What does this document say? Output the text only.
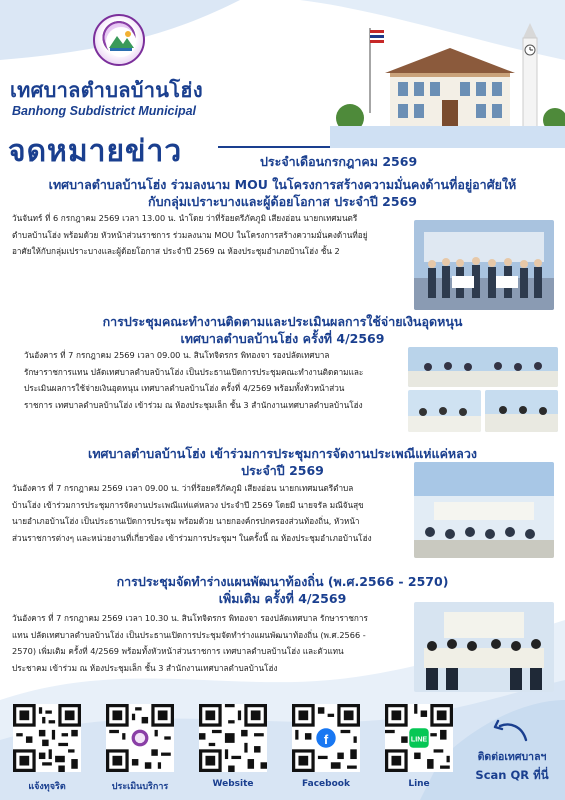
เทศบาลตำบลบ้านโฮ่ง
Banhong Subdistrict Municipal
จดหมายข่าว	ประจำเดือนกรกฎาคม 2569
เทศบาลตำบลบ้านโฮ่ง ร่วมลงนาม MOU ในโครงการสร้างความมั่นคงด้านที่อยู่อาศัยให้
กับกลุ่มเปราะบางและผู้ด้อยโอกาส ประจำปี 2569
วันจันทร์ ที่ 6 กรกฎาคม 2569 เวลา 13.00 น. นำโดย ว่าที่ร้อยตรีภัคภูมิ เสียงอ่อน นายกเทศมนตรี
ตำบลบ้านโฮ่ง พร้อมด้วย หัวหน้าส่วนราชการ ร่วมลงนาม MOU ในโครงการสร้างความมั่นคงด้านที่อยู่
อาศัยให้กับกลุ่มเปราะบางและผู้ด้อยโอกาส ประจำปี 2569 ณ ห้องประชุมอำเภอบ้านโฮ่ง ชั้น 2
การประชุมคณะทำงานติดตามและประเมินผลการใช้จ่ายเงินอุดหนุน
เทศบาลตำบลบ้านโฮ่ง ครั้งที่ 4/2569
วันอังคาร ที่ 7 กรกฎาคม 2569 เวลา 09.00 น. สินโทจิตรกร พิทองจา รองปลัดเทศบาล
รักษาราชการแทน ปลัดเทศบาลตำบลบ้านโฮ่ง เป็นประธานเปิดการประชุมคณะทำงานติดตามและ
ประเมินผลการใช้จ่ายเงินอุดหนุน เทศบาลตำบลบ้านโฮ่ง ครั้งที่ 4/2569 พร้อมทั้งหัวหน้าส่วน
ราชการ เทศบาลตำบลบ้านโฮ่ง เข้าร่วม ณ ห้องประชุมเล็ก ชั้น 3 สำนักงานเทศบาลตำบลบ้านโฮ่ง
เทศบาลตำบลบ้านโฮ่ง เข้าร่วมการประชุมการจัดงานประเพณีแห่แค่หลวง
ประจำปี 2569
วันอังคาร ที่ 7 กรกฎาคม 2569 เวลา 09.00 น. ว่าที่ร้อยตรีภัคภูมิ เสียงอ่อน นายกเทศมนตรีตำบล
บ้านโฮ่ง เข้าร่วมการประชุมการจัดงานประเพณีแห่แค่หลวง ประจำปี 2569 โดยมี นายจรัล มณีจันสุข
นายอำเภอบ้านโฮ่ง เป็นประธานเปิดการประชุม พร้อมด้วย นายกองค์กรปกครองส่วนท้องถิ่น, หัวหน้า
ส่วนราชการต่างๆ และหน่วยงานที่เกี่ยวข้อง เข้าร่วมการประชุมฯ ในครั้งนี้ ณ ห้องประชุมอำเภอบ้านโฮ่ง
การประชุมจัดทำร่างแผนพัฒนาท้องถิ่น (พ.ศ.2566 - 2570)
เพิ่มเติม ครั้งที่ 4/2569
วันอังคาร ที่ 7 กรกฎาคม 2569 เวลา 10.30 น. สินโทจิตรกร พิทองจา รองปลัดเทศบาล รักษาราชการ
แทน ปลัดเทศบาลตำบลบ้านโฮ่ง เป็นประธานเปิดการประชุมจัดทำร่างแผนพัฒนาท้องถิ่น (พ.ศ.2566 -
2570) เพิ่มเติม ครั้งที่ 4/2569 พร้อมทั้งหัวหน้าส่วนราชการ เทศบาลตำบลบ้านโฮ่ง และตัวแทน
ประชาคม เข้าร่วม ณ ห้องประชุมเล็ก ชั้น 3 สำนักงานเทศบาลตำบลบ้านโฮ่ง
แจ้งทุจริต	ประเมินบริการ	Website
f
Facebook
LINE
Line
ติดต่อเทศบาลฯ
Scan QR ที่นี่
